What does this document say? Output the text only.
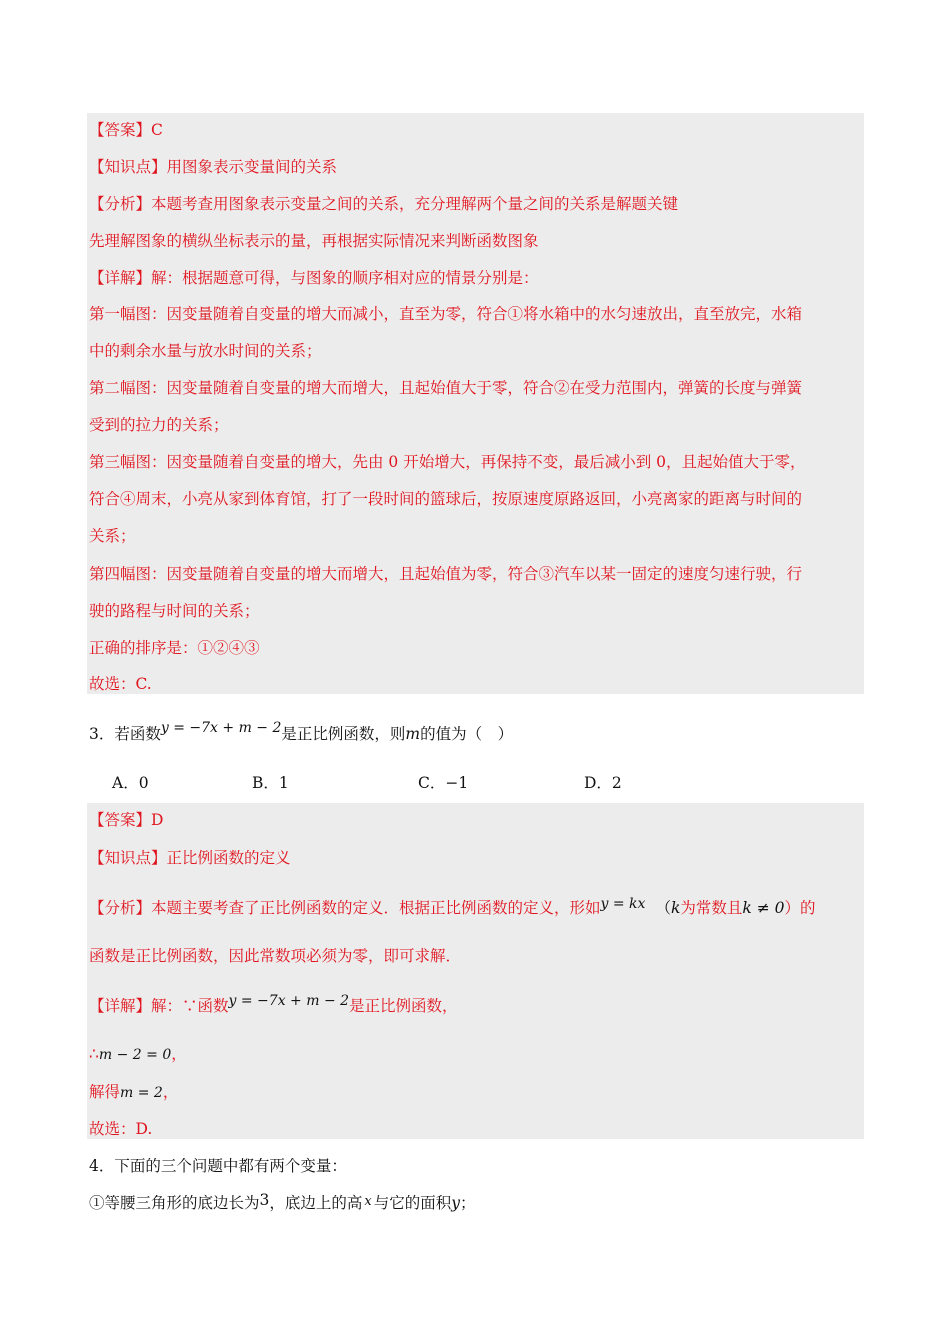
【答案】C
【知识点】用图象表示变量间的关系
【分析】本题考查用图象表示变量之间的关系，充分理解两个量之间的关系是解题关键
先理解图象的横纵坐标表示的量，再根据实际情况来判断函数图象
【详解】解：根据题意可得，与图象的顺序相对应的情景分别是：
第一幅图：因变量随着自变量的增大而减小，直至为零，符合①将水箱中的水匀速放出，直至放完，水箱
中的剩余水量与放水时间的关系；
第二幅图：因变量随着自变量的增大而增大，且起始值大于零，符合②在受力范围内，弹簧的长度与弹簧
受到的拉力的关系；
第三幅图：因变量随着自变量的增大，先由 0 开始增大，再保持不变，最后减小到 0，且起始值大于零，
符合④周末，小亮从家到体育馆，打了一段时间的篮球后，按原速度原路返回，小亮离家的距离与时间的
关系；
第四幅图：因变量随着自变量的增大而增大，且起始值为零，符合③汽车以某一固定的速度匀速行驶，行
驶的路程与时间的关系；
正确的排序是：①②④③
故选：C.
3．若函数y = −7x + m − 2是正比例函数，则m的值为（　）
A．0	B．1	C．−1	D．2
【答案】D
【知识点】正比例函数的定义
【分析】本题主要考查了正比例函数的定义．根据正比例函数的定义，形如y = kx （k为常数且k ≠ 0）的
函数是正比例函数，因此常数项必须为零，即可求解．
【详解】解：∵函数y = −7x + m − 2是正比例函数，
∴m − 2 = 0，
解得m = 2，
故选：D.
4．下面的三个问题中都有两个变量：
①等腰三角形的底边长为3，底边上的高 x 与它的面积y；
